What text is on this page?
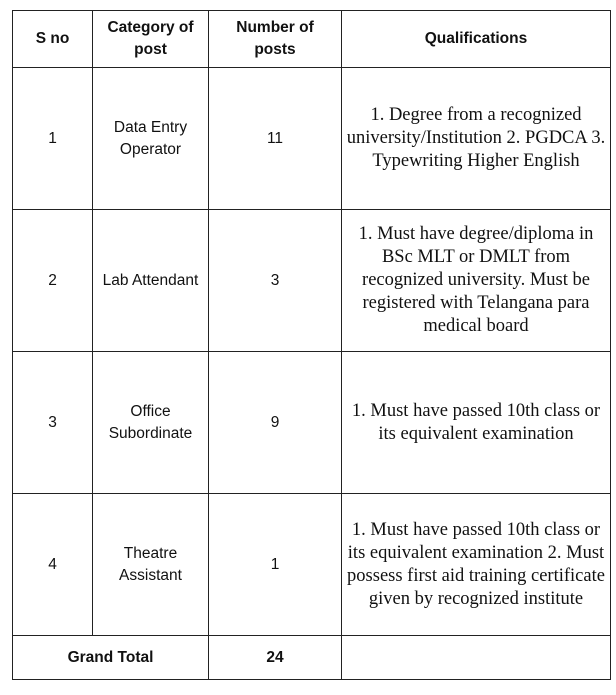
S no	Category of post	Number of posts	Qualifications
1	Data Entry Operator	11	1. Degree from a recognized university/Institution 2. PGDCA 3. Typewriting Higher English
2	Lab Attendant	3	1. Must have degree/diploma in BSc MLT or DMLT from recognized university. Must be registered with Telangana para medical board
3	Office Subordinate	9	1. Must have passed 10th class or its equivalent examination
4	Theatre Assistant	1	1. Must have passed 10th class or its equivalent examination 2. Must possess first aid training certificate given by recognized institute
Grand Total		24	
